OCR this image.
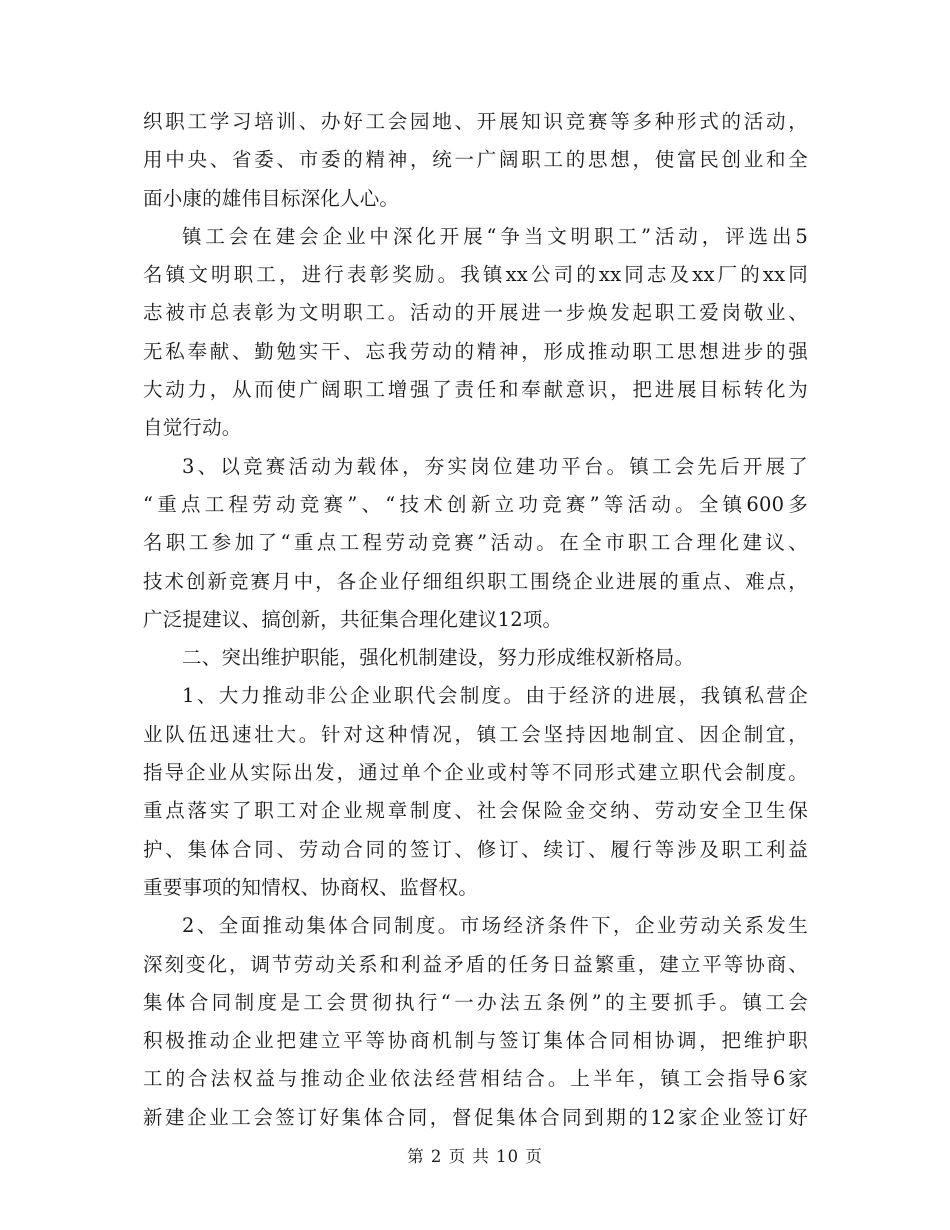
织职工学习培训、办好工会园地、开展知识竞赛等多种形式的活动，
用中央、省委、市委的精神，统一广阔职工的思想，使富民创业和全
面小康的雄伟目标深化人心。
镇工会在建会企业中深化开展“争当文明职工”活动，评选出5
名镇文明职工，进行表彰奖励。我镇xx公司的xx同志及xx厂的xx同
志被市总表彰为文明职工。活动的开展进一步焕发起职工爱岗敬业、
无私奉献、勤勉实干、忘我劳动的精神，形成推动职工思想进步的强
大动力，从而使广阔职工增强了责任和奉献意识，把进展目标转化为
自觉行动。
3、以竞赛活动为载体，夯实岗位建功平台。镇工会先后开展了
“重点工程劳动竞赛”、“技术创新立功竞赛”等活动。全镇600多
名职工参加了“重点工程劳动竞赛”活动。在全市职工合理化建议、
技术创新竞赛月中，各企业仔细组织职工围绕企业进展的重点、难点，
广泛提建议、搞创新，共征集合理化建议12项。
二、突出维护职能，强化机制建设，努力形成维权新格局。
1、大力推动非公企业职代会制度。由于经济的进展，我镇私营企
业队伍迅速壮大。针对这种情况，镇工会坚持因地制宜、因企制宜，
指导企业从实际出发，通过单个企业或村等不同形式建立职代会制度。
重点落实了职工对企业规章制度、社会保险金交纳、劳动安全卫生保
护、集体合同、劳动合同的签订、修订、续订、履行等涉及职工利益
重要事项的知情权、协商权、监督权。
2、全面推动集体合同制度。市场经济条件下，企业劳动关系发生
深刻变化，调节劳动关系和利益矛盾的任务日益繁重，建立平等协商、
集体合同制度是工会贯彻执行“一办法五条例”的主要抓手。镇工会
积极推动企业把建立平等协商机制与签订集体合同相协调，把维护职
工的合法权益与推动企业依法经营相结合。上半年，镇工会指导6家
新建企业工会签订好集体合同，督促集体合同到期的12家企业签订好
第 2 页 共 10 页
